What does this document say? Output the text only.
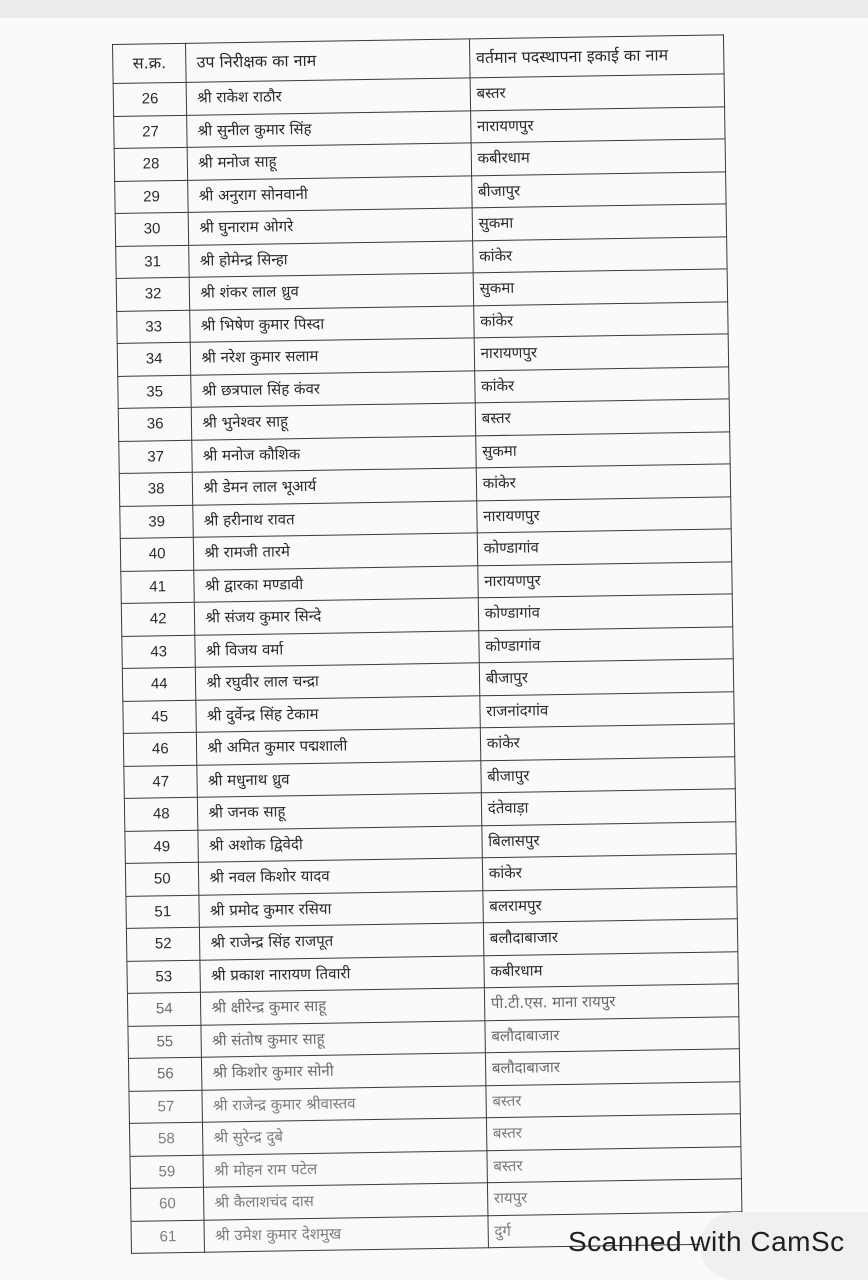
स.क्र.	उप निरीक्षक का नाम	वर्तमान पदस्थापना इकाई का नाम
26	श्री राकेश राठौर	बस्तर
27	श्री सुनील कुमार सिंह	नारायणपुर
28	श्री मनोज साहू	कबीरधाम
29	श्री अनुराग सोनवानी	बीजापुर
30	श्री घुनाराम ओगरे	सुकमा
31	श्री होमेन्द्र सिन्हा	कांकेर
32	श्री शंकर लाल ध्रुव	सुकमा
33	श्री भिषेण कुमार पिस्दा	कांकेर
34	श्री नरेश कुमार सलाम	नारायणपुर
35	श्री छत्रपाल सिंह कंवर	कांकेर
36	श्री भुनेश्वर साहू	बस्तर
37	श्री मनोज कौशिक	सुकमा
38	श्री डेमन लाल भूआर्य	कांकेर
39	श्री हरीनाथ रावत	नारायणपुर
40	श्री रामजी तारमे	कोण्डागांव
41	श्री द्वारका मण्डावी	नारायणपुर
42	श्री संजय कुमार सिन्दे	कोण्डागांव
43	श्री विजय वर्मा	कोण्डागांव
44	श्री रघुवीर लाल चन्द्रा	बीजापुर
45	श्री दुर्वेन्द्र सिंह टेकाम	राजनांदगांव
46	श्री अमित कुमार पद्मशाली	कांकेर
47	श्री मधुनाथ ध्रुव	बीजापुर
48	श्री जनक साहू	दंतेवाड़ा
49	श्री अशोक द्विवेदी	बिलासपुर
50	श्री नवल किशोर यादव	कांकेर
51	श्री प्रमोद कुमार रसिया	बलरामपुर
52	श्री राजेन्द्र सिंह राजपूत	बलौदाबाजार
53	श्री प्रकाश नारायण तिवारी	कबीरधाम
54	श्री क्षीरेन्द्र कुमार साहू	पी.टी.एस. माना रायपुर
55	श्री संतोष कुमार साहू	बलौदाबाजार
56	श्री किशोर कुमार सोनी	बलौदाबाजार
57	श्री राजेन्द्र कुमार श्रीवास्तव	बस्तर
58	श्री सुरेन्द्र दुबे	बस्तर
59	श्री मोहन राम पटेल	बस्तर
60	श्री कैलाशचंद दास	रायपुर
61	श्री उमेश कुमार देशमुख	दुर्ग Scanned with CamSc
